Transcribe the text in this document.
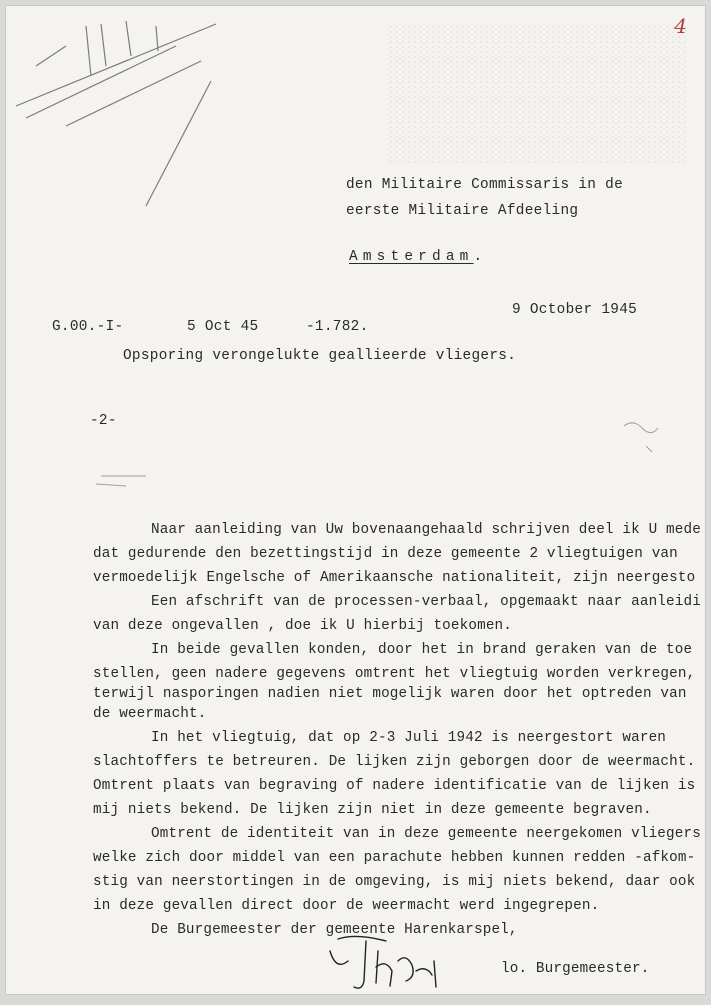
4
den Militaire Commissaris in de
eerste Militaire Afdeeling
Amsterdam.
9 October 1945
G.00.-I-	5 Oct 45	-1.782.
Opsporing verongelukte geallieerde vliegers.
-2-
Naar aanleiding van Uw bovenaangehaald schrijven deel ik U mede
dat gedurende den bezettingstijd in deze gemeente 2 vliegtuigen van
vermoedelijk Engelsche of Amerikaansche nationaliteit, zijn neergesto
Een afschrift van de processen-verbaal, opgemaakt naar aanleidi
van deze ongevallen , doe ik U hierbij toekomen.
In beide gevallen konden, door het in brand geraken van de toe
stellen, geen nadere gegevens omtrent het vliegtuig worden verkregen,
terwijl nasporingen nadien niet mogelijk waren door het optreden van
de weermacht.
In het vliegtuig, dat op 2-3 Juli 1942 is neergestort waren
slachtoffers te betreuren. De lijken zijn geborgen door de weermacht.
Omtrent plaats van begraving of nadere identificatie van de lijken is
mij niets bekend. De lijken zijn niet in deze gemeente begraven.
Omtrent de identiteit van in deze gemeente neergekomen vliegers
welke zich door middel van een parachute hebben kunnen redden -afkom-
stig van neerstortingen in de omgeving, is mij niets bekend, daar ook
in deze gevallen direct door de weermacht werd ingegrepen.
De Burgemeester der gemeente Harenkarspel,
lo. Burgemeester.
